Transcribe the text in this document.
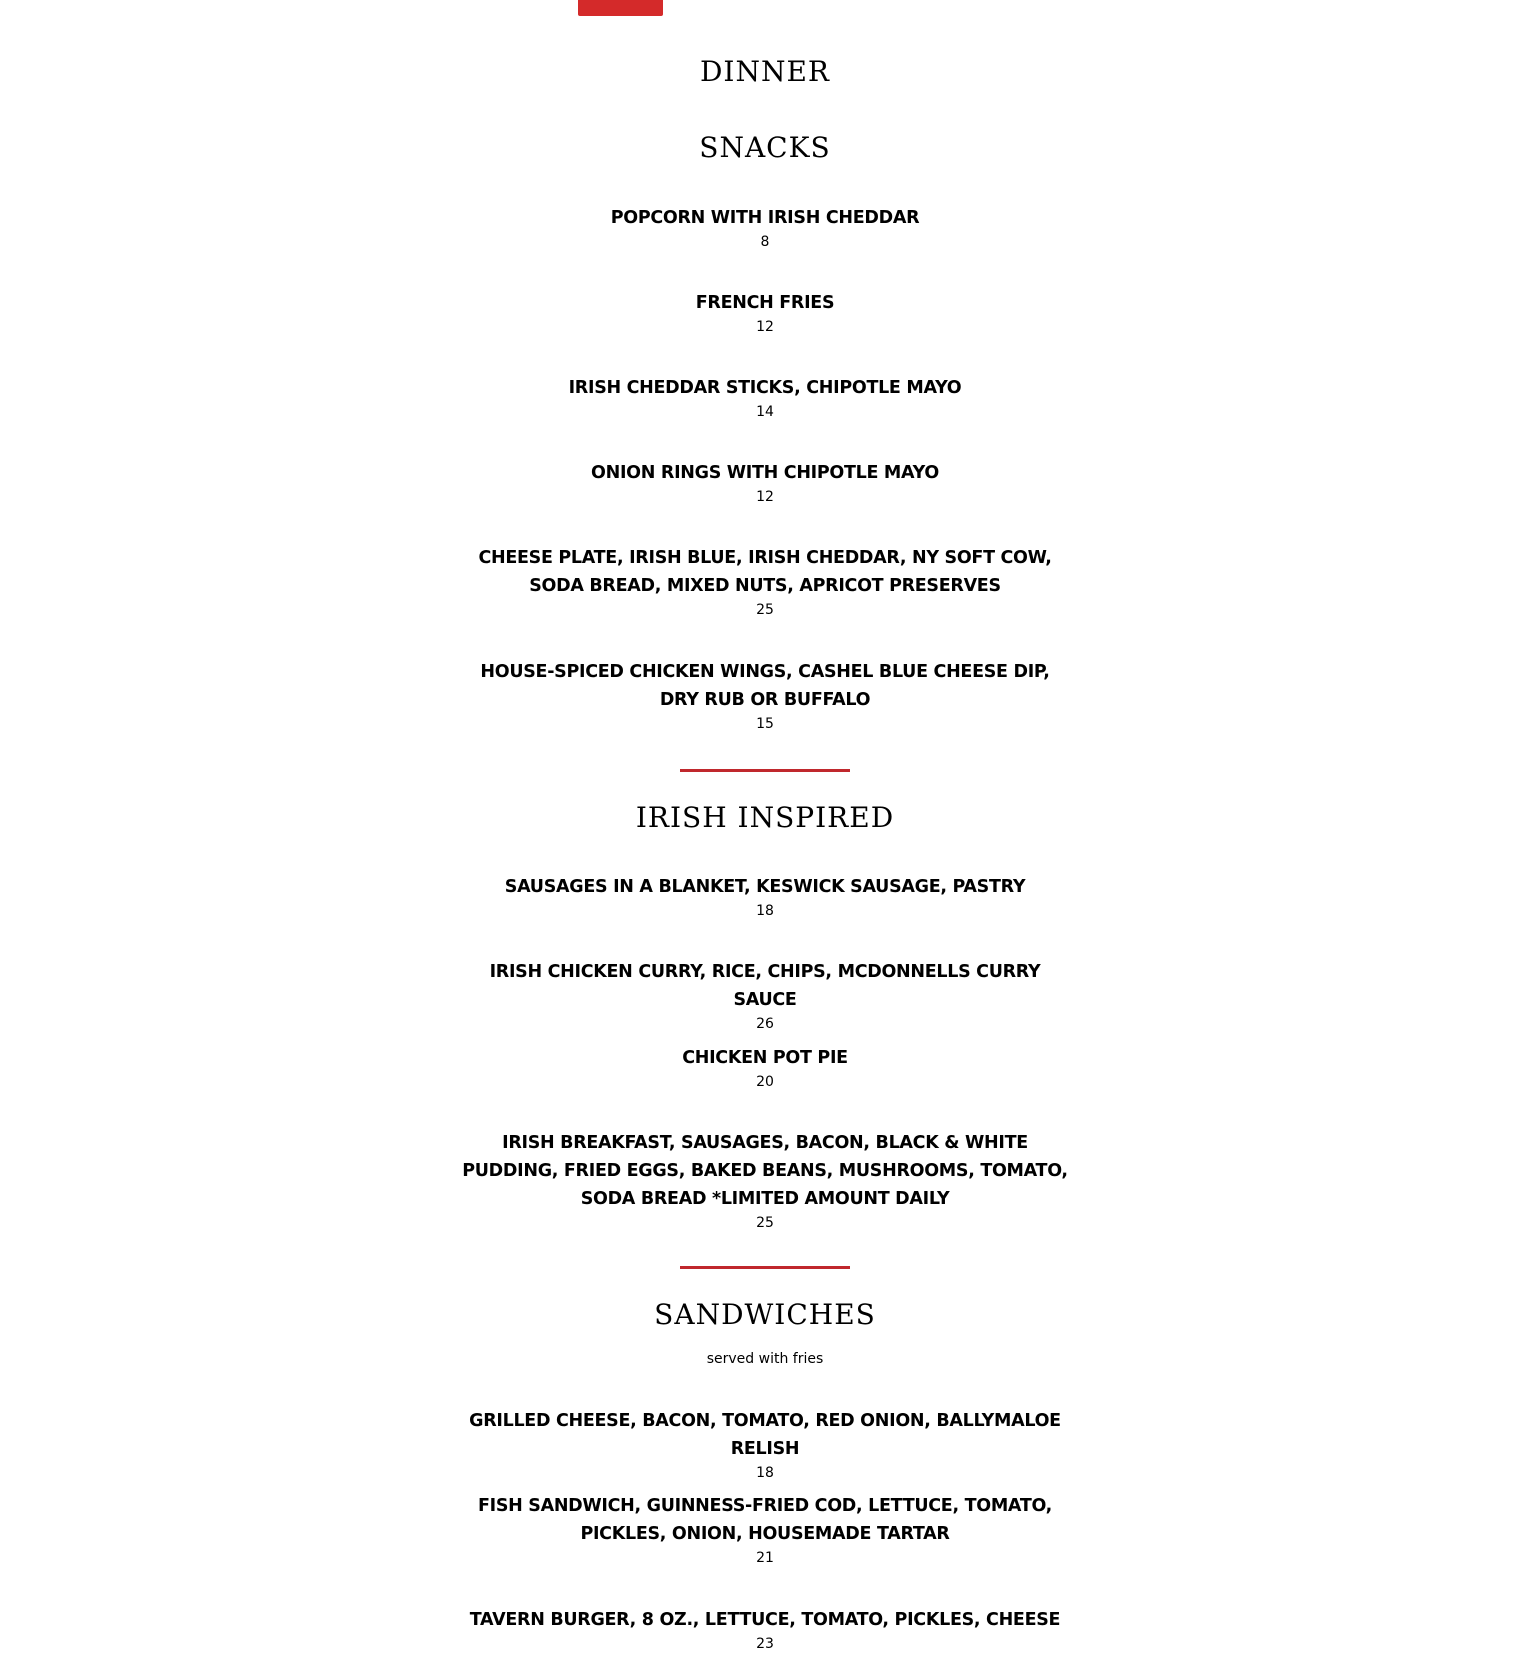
DINNER
SNACKS

POPCORN WITH IRISH CHEDDAR

8

FRENCH FRIES

12

IRISH CHEDDAR STICKS, CHIPOTLE MAYO

14

ONION RINGS WITH CHIPOTLE MAYO

12

CHEESE PLATE, IRISH BLUE, IRISH CHEDDAR, NY SOFT COW, SODA BREAD, MIXED NUTS, APRICOT PRESERVES

25

HOUSE-SPICED CHICKEN WINGS, CASHEL BLUE CHEESE DIP, DRY RUB OR BUFFALO

15

IRISH INSPIRED

SAUSAGES IN A BLANKET, KESWICK SAUSAGE, PASTRY

18

IRISH CHICKEN CURRY, RICE, CHIPS, MCDONNELLS CURRY SAUCE

26

CHICKEN POT PIE

20

IRISH BREAKFAST, SAUSAGES, BACON, BLACK & WHITE PUDDING, FRIED EGGS, BAKED BEANS, MUSHROOMS, TOMATO, SODA BREAD *LIMITED AMOUNT DAILY

25

SANDWICHES

served with fries

GRILLED CHEESE, BACON, TOMATO, RED ONION, BALLYMALOE RELISH

18

FISH SANDWICH, GUINNESS-FRIED COD, LETTUCE, TOMATO, PICKLES, ONION, HOUSEMADE TARTAR

21

TAVERN BURGER, 8 OZ., LETTUCE, TOMATO, PICKLES, CHEESE

23
